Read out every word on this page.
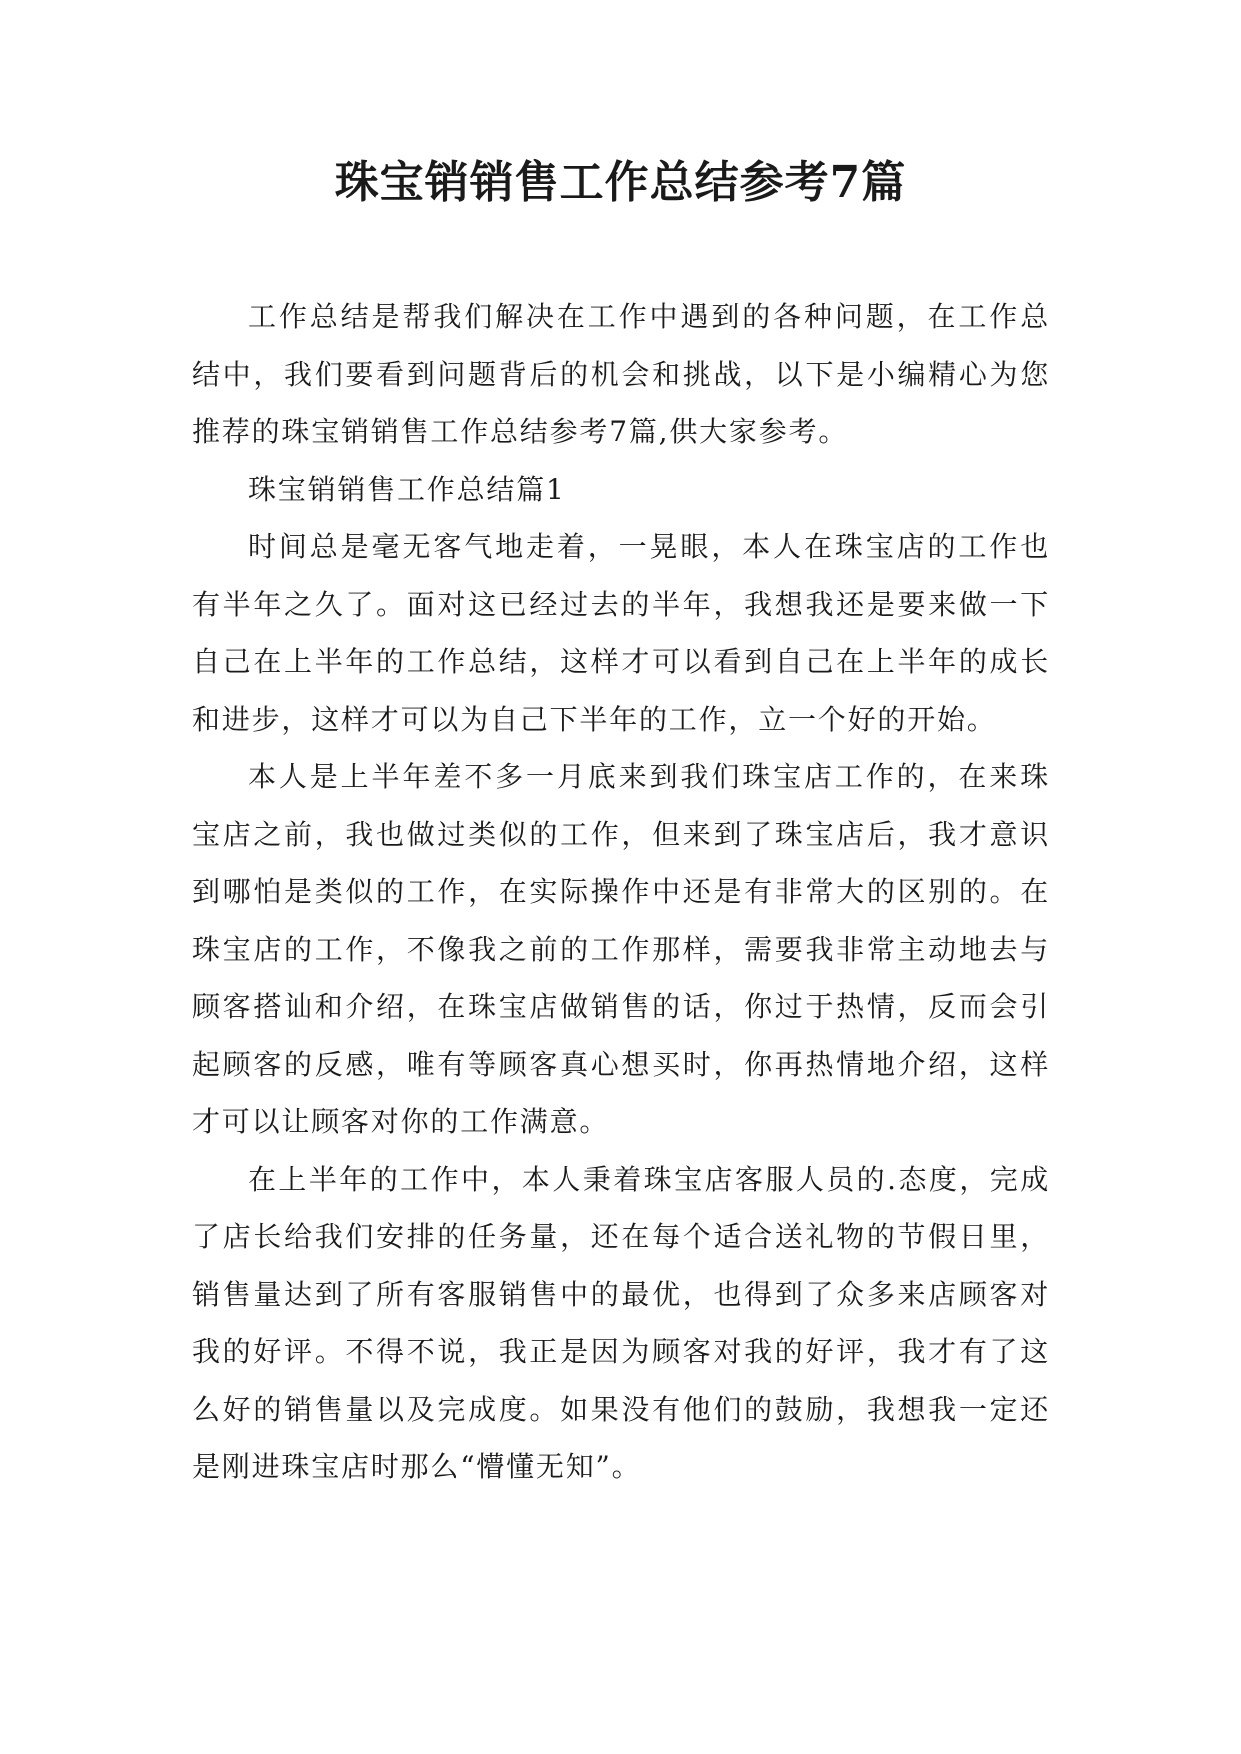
珠宝销销售工作总结参考7篇

工作总结是帮我们解决在工作中遇到的各种问题，在工作总结中，我们要看到问题背后的机会和挑战，以下是小编精心为您推荐的珠宝销销售工作总结参考7篇,供大家参考。

珠宝销销售工作总结篇1

时间总是毫无客气地走着，一晃眼，本人在珠宝店的工作也有半年之久了。面对这已经过去的半年，我想我还是要来做一下自己在上半年的工作总结，这样才可以看到自己在上半年的成长和进步，这样才可以为自己下半年的工作，立一个好的开始。

本人是上半年差不多一月底来到我们珠宝店工作的，在来珠宝店之前，我也做过类似的工作，但来到了珠宝店后，我才意识到哪怕是类似的工作，在实际操作中还是有非常大的区别的。在珠宝店的工作，不像我之前的工作那样，需要我非常主动地去与顾客搭讪和介绍，在珠宝店做销售的话，你过于热情，反而会引起顾客的反感，唯有等顾客真心想买时，你再热情地介绍，这样才可以让顾客对你的工作满意。

在上半年的工作中，本人秉着珠宝店客服人员的.态度，完成了店长给我们安排的任务量，还在每个适合送礼物的节假日里，销售量达到了所有客服销售中的最优，也得到了众多来店顾客对我的好评。不得不说，我正是因为顾客对我的好评，我才有了这么好的销售量以及完成度。如果没有他们的鼓励，我想我一定还是刚进珠宝店时那么“懵懂无知”。
